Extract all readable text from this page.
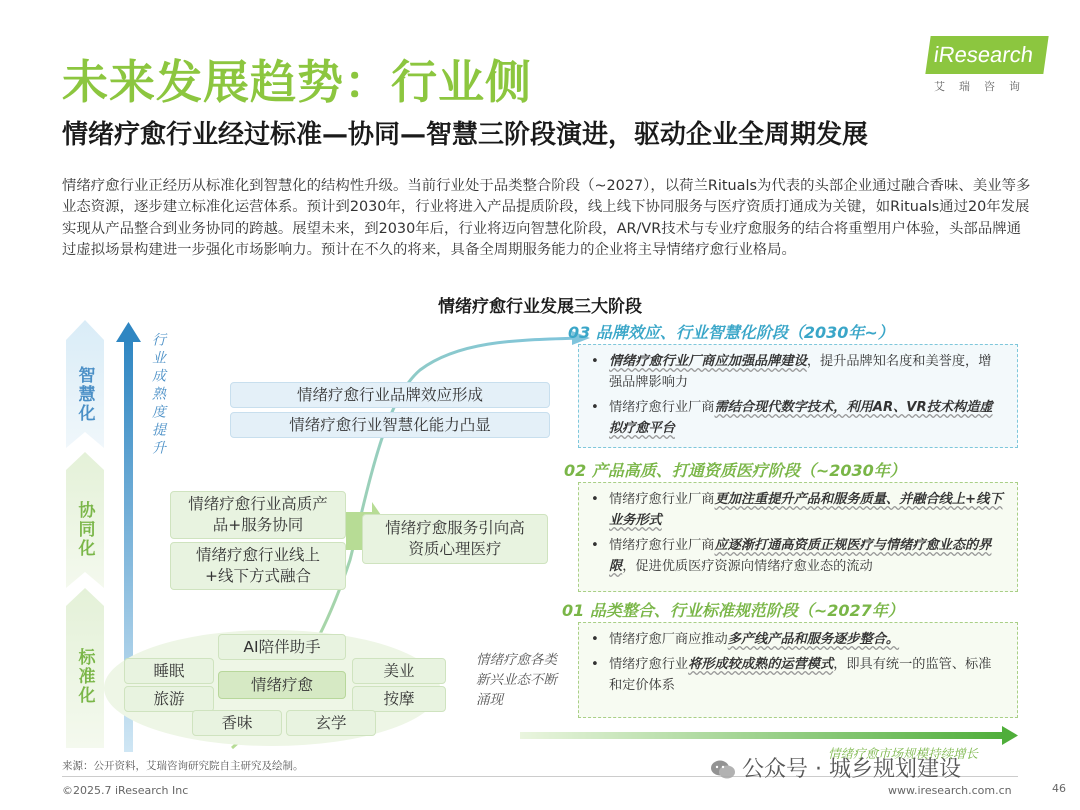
未来发展趋势：行业侧
情绪疗愈行业经过标准—协同—智慧三阶段演进，驱动企业全周期发展
iResearch
艾瑞咨询
情绪疗愈行业正经历从标准化到智慧化的结构性升级。当前行业处于品类整合阶段（~2027），以荷兰Rituals为代表的头部企业通过融合香味、美业等多业态资源，逐步建立标准化运营体系。预计到2030年，行业将进入产品提质阶段，线上线下协同服务与医疗资质打通成为关键，如Rituals通过20年发展实现从产品整合到业务协同的跨越。展望未来，到2030年后，行业将迈向智慧化阶段，AR/VR技术与专业疗愈服务的结合将重塑用户体验，头部品牌通过虚拟场景构建进一步强化市场影响力。预计在不久的将来，具备全周期服务能力的企业将主导情绪疗愈行业格局。
情绪疗愈行业发展三大阶段
智慧化
协同化
标准化
行业成熟度提升	情绪疗愈行业品牌效应形成
情绪疗愈行业智慧化能力凸显
情绪疗愈行业高质产品+服务协同
情绪疗愈行业线上+线下方式融合
情绪疗愈服务引向高资质心理医疗
AI陪伴助手
睡眠
旅游
美业
按摩
香味	玄学
情绪疗愈
情绪疗愈各类新兴业态不断涌现
03 品牌效应、行业智慧化阶段（2030年~）
02 产品高质、打通资质医疗阶段（~2030年）
01 品类整合、行业标准规范阶段（~2027年）
• 情绪疗愈行业厂商应加强品牌建设，提升品牌知名度和美誉度，增强品牌影响力
• 情绪疗愈行业厂商需结合现代数字技术，利用AR、VR技术构造虚拟疗愈平台
• 情绪疗愈行业厂商更加注重提升产品和服务质量、并融合线上+线下业务形式
• 情绪疗愈行业厂商应逐渐打通高资质正规医疗与情绪疗愈业态的界限，促进优质医疗资源向情绪疗愈业态的流动
• 情绪疗愈厂商应推动多产线产品和服务逐步整合。
• 情绪疗愈行业将形成较成熟的运营模式，即具有统一的监管、标准和定价体系
情绪疗愈市场规模持续增长
来源：公开资料，艾瑞咨询研究院自主研究及绘制。
©2025.7 iResearch Inc	www.iresearch.com.cn	46
公众号 · 城乡规划建设
